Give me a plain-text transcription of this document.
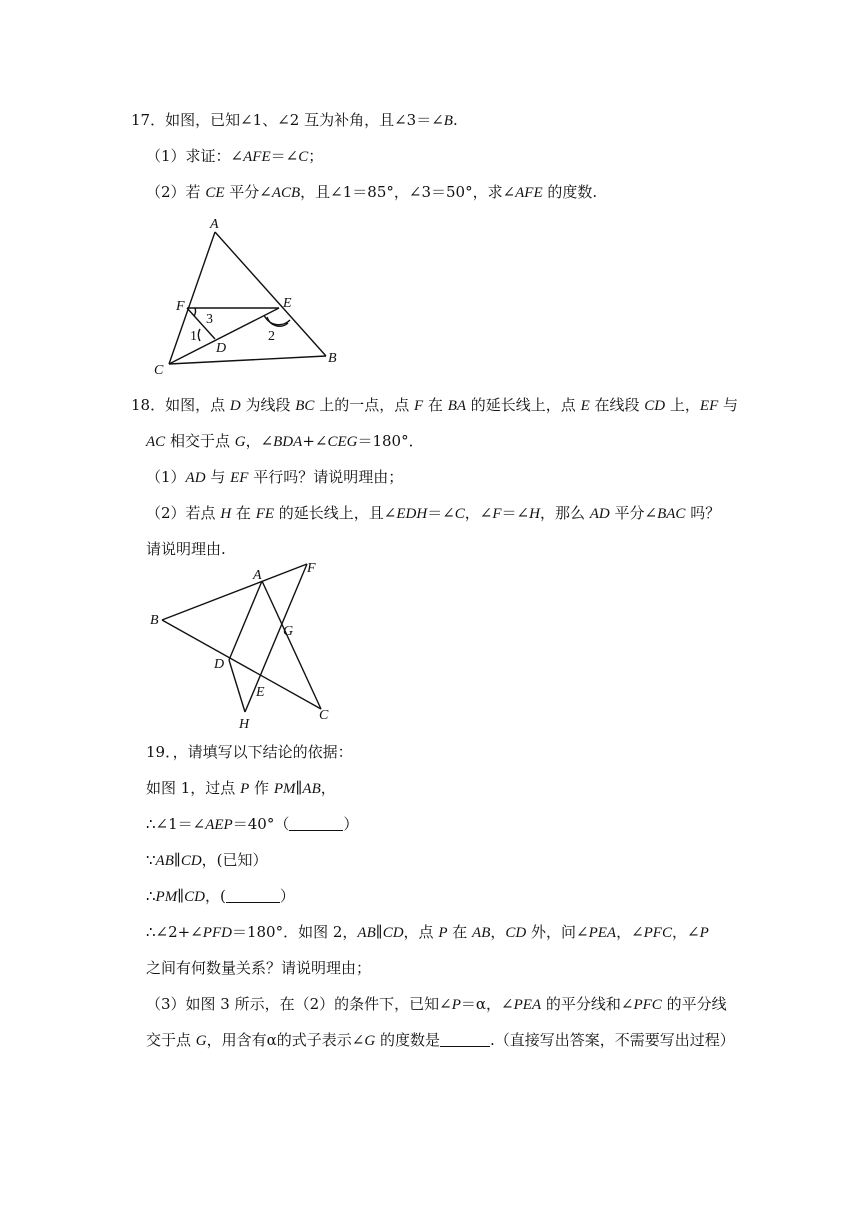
17．如图，已知∠1、∠2 互为补角，且∠3＝∠B.
（1）求证：∠AFE＝∠C；
（2）若 CE 平分∠ACB，且∠1＝85°，∠3＝50°，求∠AFE 的度数.
A
F	E
C
D
B
1	2
3
18．如图，点 D 为线段 BC 上的一点，点 F 在 BA 的延长线上，点 E 在线段 CD 上，EF 与
AC 相交于点 G，∠BDA+∠CEG＝180°．
（1）AD 与 EF 平行吗？请说明理由；
（2）若点 H 在 FE 的延长线上，且∠EDH＝∠C，∠F＝∠H，那么 AD 平分∠BAC 吗？
请说明理由.
A	F
B
G
D
E
H
C
19．，请填写以下结论的依据：
如图 1，过点 P 作 PM∥AB，
∴∠1＝∠AEP＝40°（	）
∵AB∥CD，(已知）
∴PM∥CD，(	）
∴∠2+∠PFD＝180°．如图 2，AB∥CD，点 P 在 AB，CD 外，问∠PEA，∠PFC，∠P
之间有何数量关系？请说明理由；
（3）如图 3 所示，在（2）的条件下，已知∠P＝α，∠PEA 的平分线和∠PFC 的平分线
交于点 G，用含有α的式子表示∠G 的度数是	.（直接写出答案，不需要写出过程）
